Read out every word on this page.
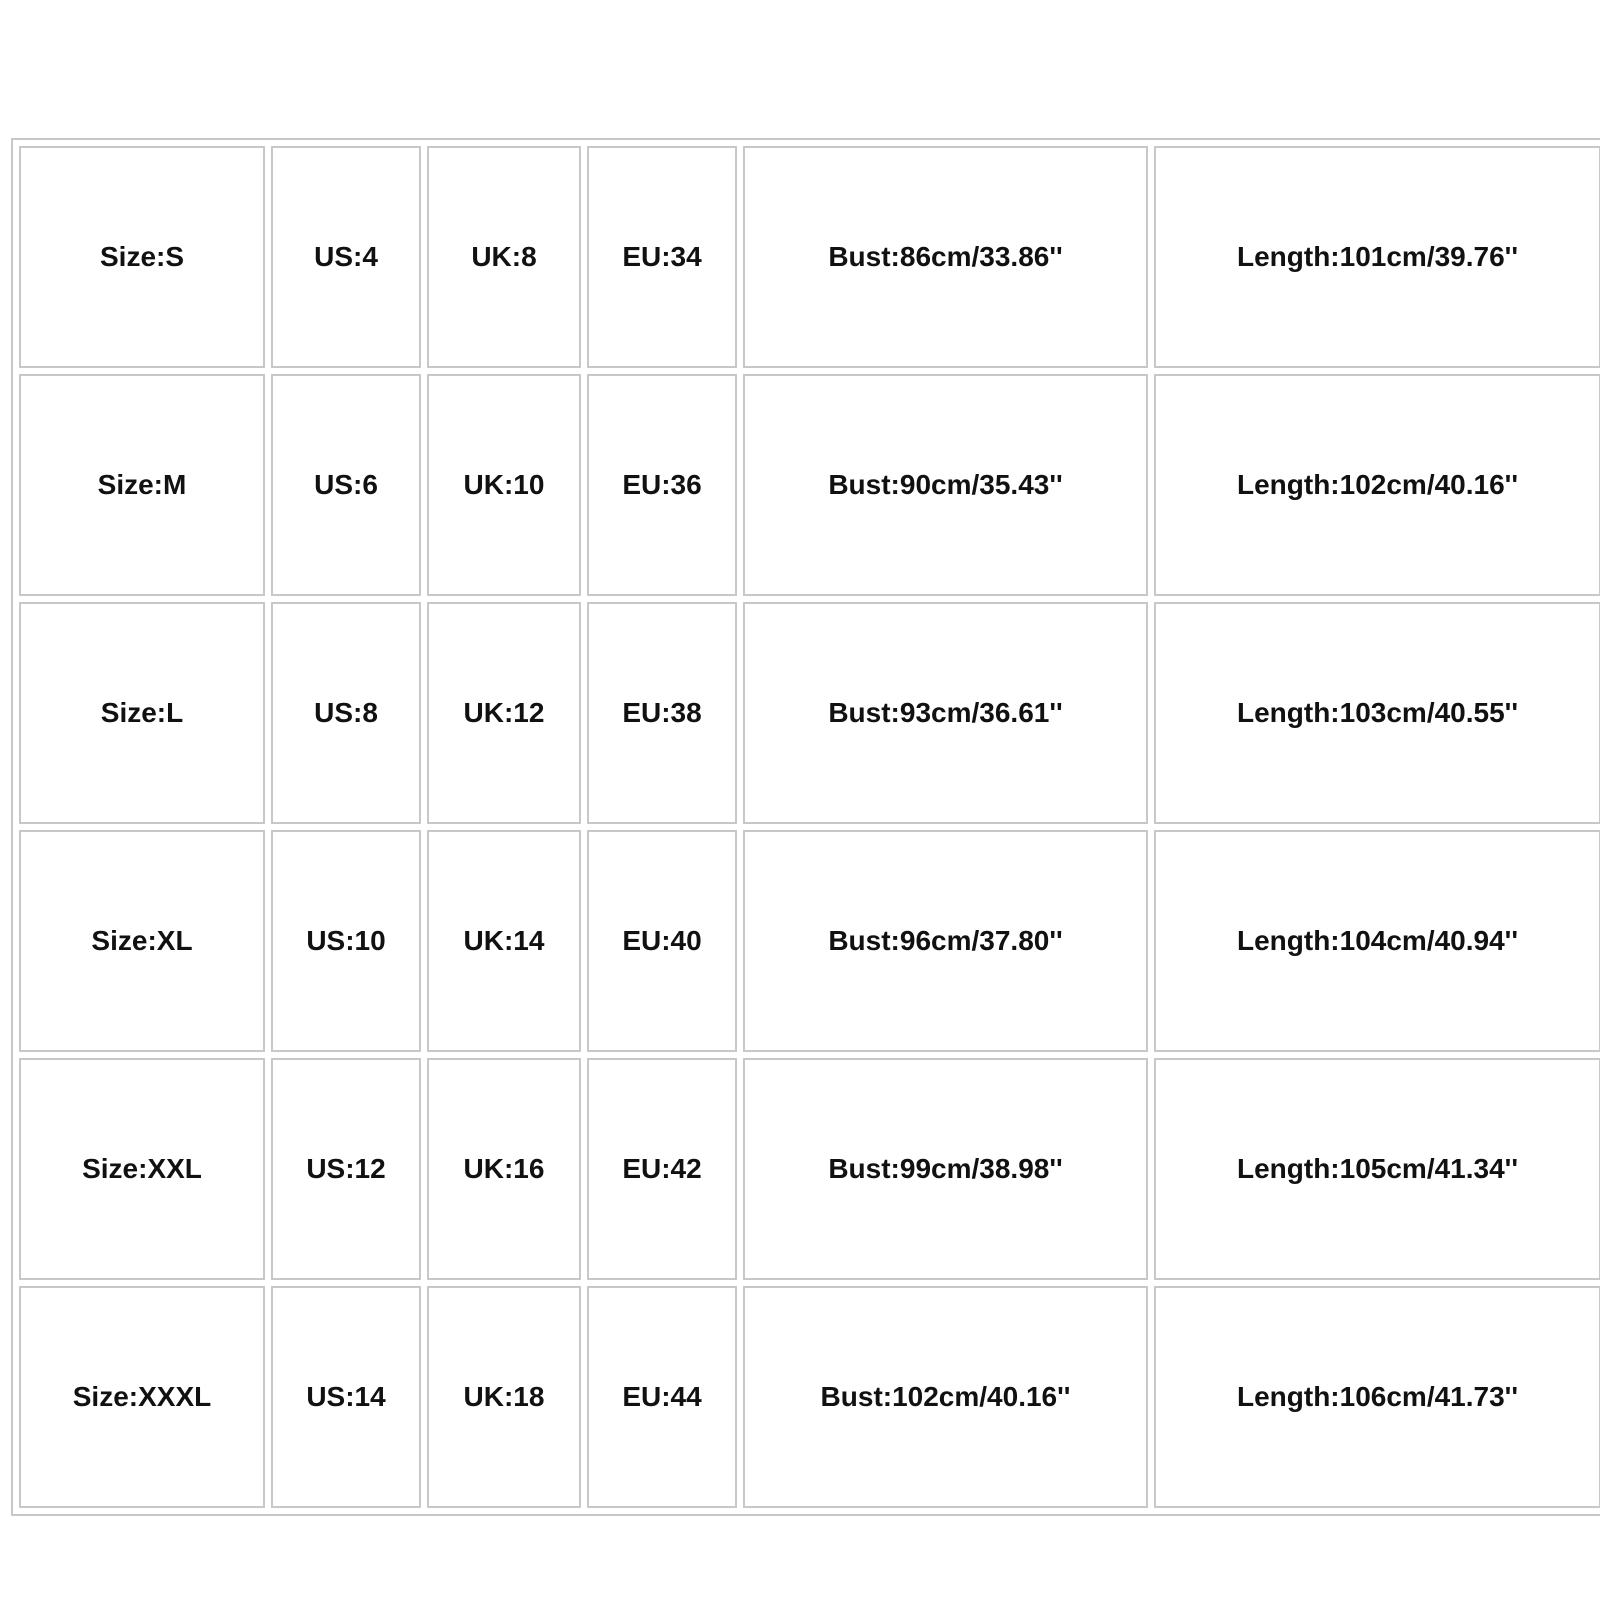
Size:S	US:4	UK:8	EU:34	Bust:86cm/33.86''	Length:101cm/39.76''
Size:M	US:6	UK:10	EU:36	Bust:90cm/35.43''	Length:102cm/40.16''
Size:L	US:8	UK:12	EU:38	Bust:93cm/36.61''	Length:103cm/40.55''
Size:XL	US:10	UK:14	EU:40	Bust:96cm/37.80''	Length:104cm/40.94''
Size:XXL	US:12	UK:16	EU:42	Bust:99cm/38.98''	Length:105cm/41.34''
Size:XXXL	US:14	UK:18	EU:44	Bust:102cm/40.16''	Length:106cm/41.73''
